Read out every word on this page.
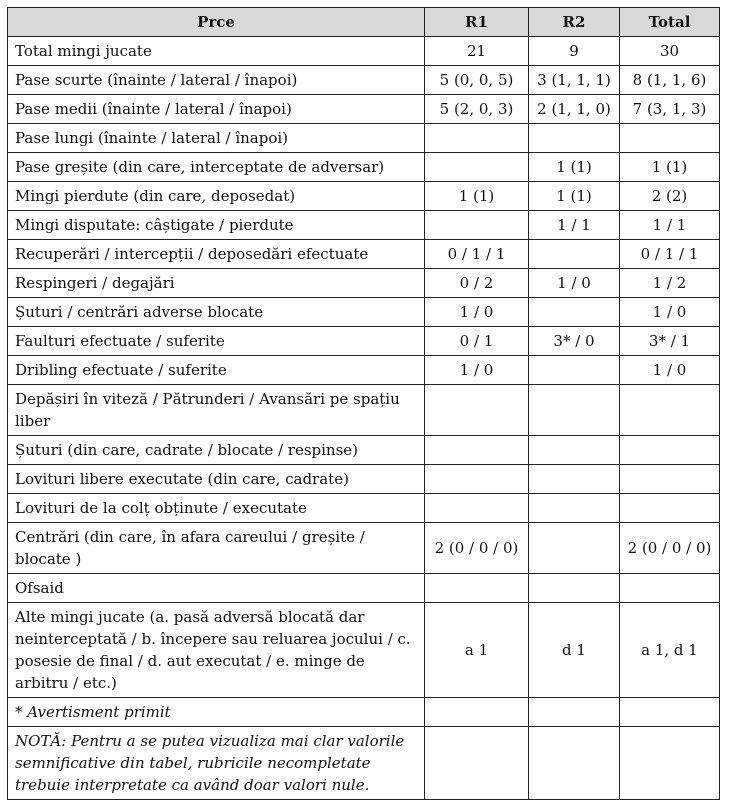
Prce	R1	R2	Total
Total mingi jucate	21	9	30
Pase scurte (înainte / lateral / înapoi)	5 (0, 0, 5)	3 (1, 1, 1)	8 (1, 1, 6)
Pase medii (înainte / lateral / înapoi)	5 (2, 0, 3)	2 (1, 1, 0)	7 (3, 1, 3)
Pase lungi (înainte / lateral / înapoi)			
Pase greșite (din care, interceptate de adversar)		1 (1)	1 (1)
Mingi pierdute (din care, deposedat)	1 (1)	1 (1)	2 (2)
Mingi disputate: câștigate / pierdute		1 / 1	1 / 1
Recuperări / intercepții / deposedări efectuate	0 / 1 / 1		0 / 1 / 1
Respingeri / degajări	0 / 2	1 / 0	1 / 2
Șuturi / centrări adverse blocate	1 / 0		1 / 0
Faulturi efectuate / suferite	0 / 1	3* / 0	3* / 1
Dribling efectuate / suferite	1 / 0		1 / 0
Depășiri în viteză / Pătrunderi / Avansări pe spațiu liber			
Șuturi (din care, cadrate / blocate / respinse)			
Lovituri libere executate (din care, cadrate)			
Lovituri de la colț obținute / executate			
Centrări (din care, în afara careului / greșite / blocate )	2 (0 / 0 / 0)		2 (0 / 0 / 0)
Ofsaid			
Alte mingi jucate (a. pasă adversă blocată dar neinterceptată / b. începere sau reluarea jocului / c. posesie de final / d. aut executat / e. minge de arbitru / etc.)	a 1	d 1	a 1, d 1
* Avertisment primit			
NOTĂ: Pentru a se putea vizualiza mai clar valorile semnificative din tabel, rubricile necompletate trebuie interpretate ca având doar valori nule.			
